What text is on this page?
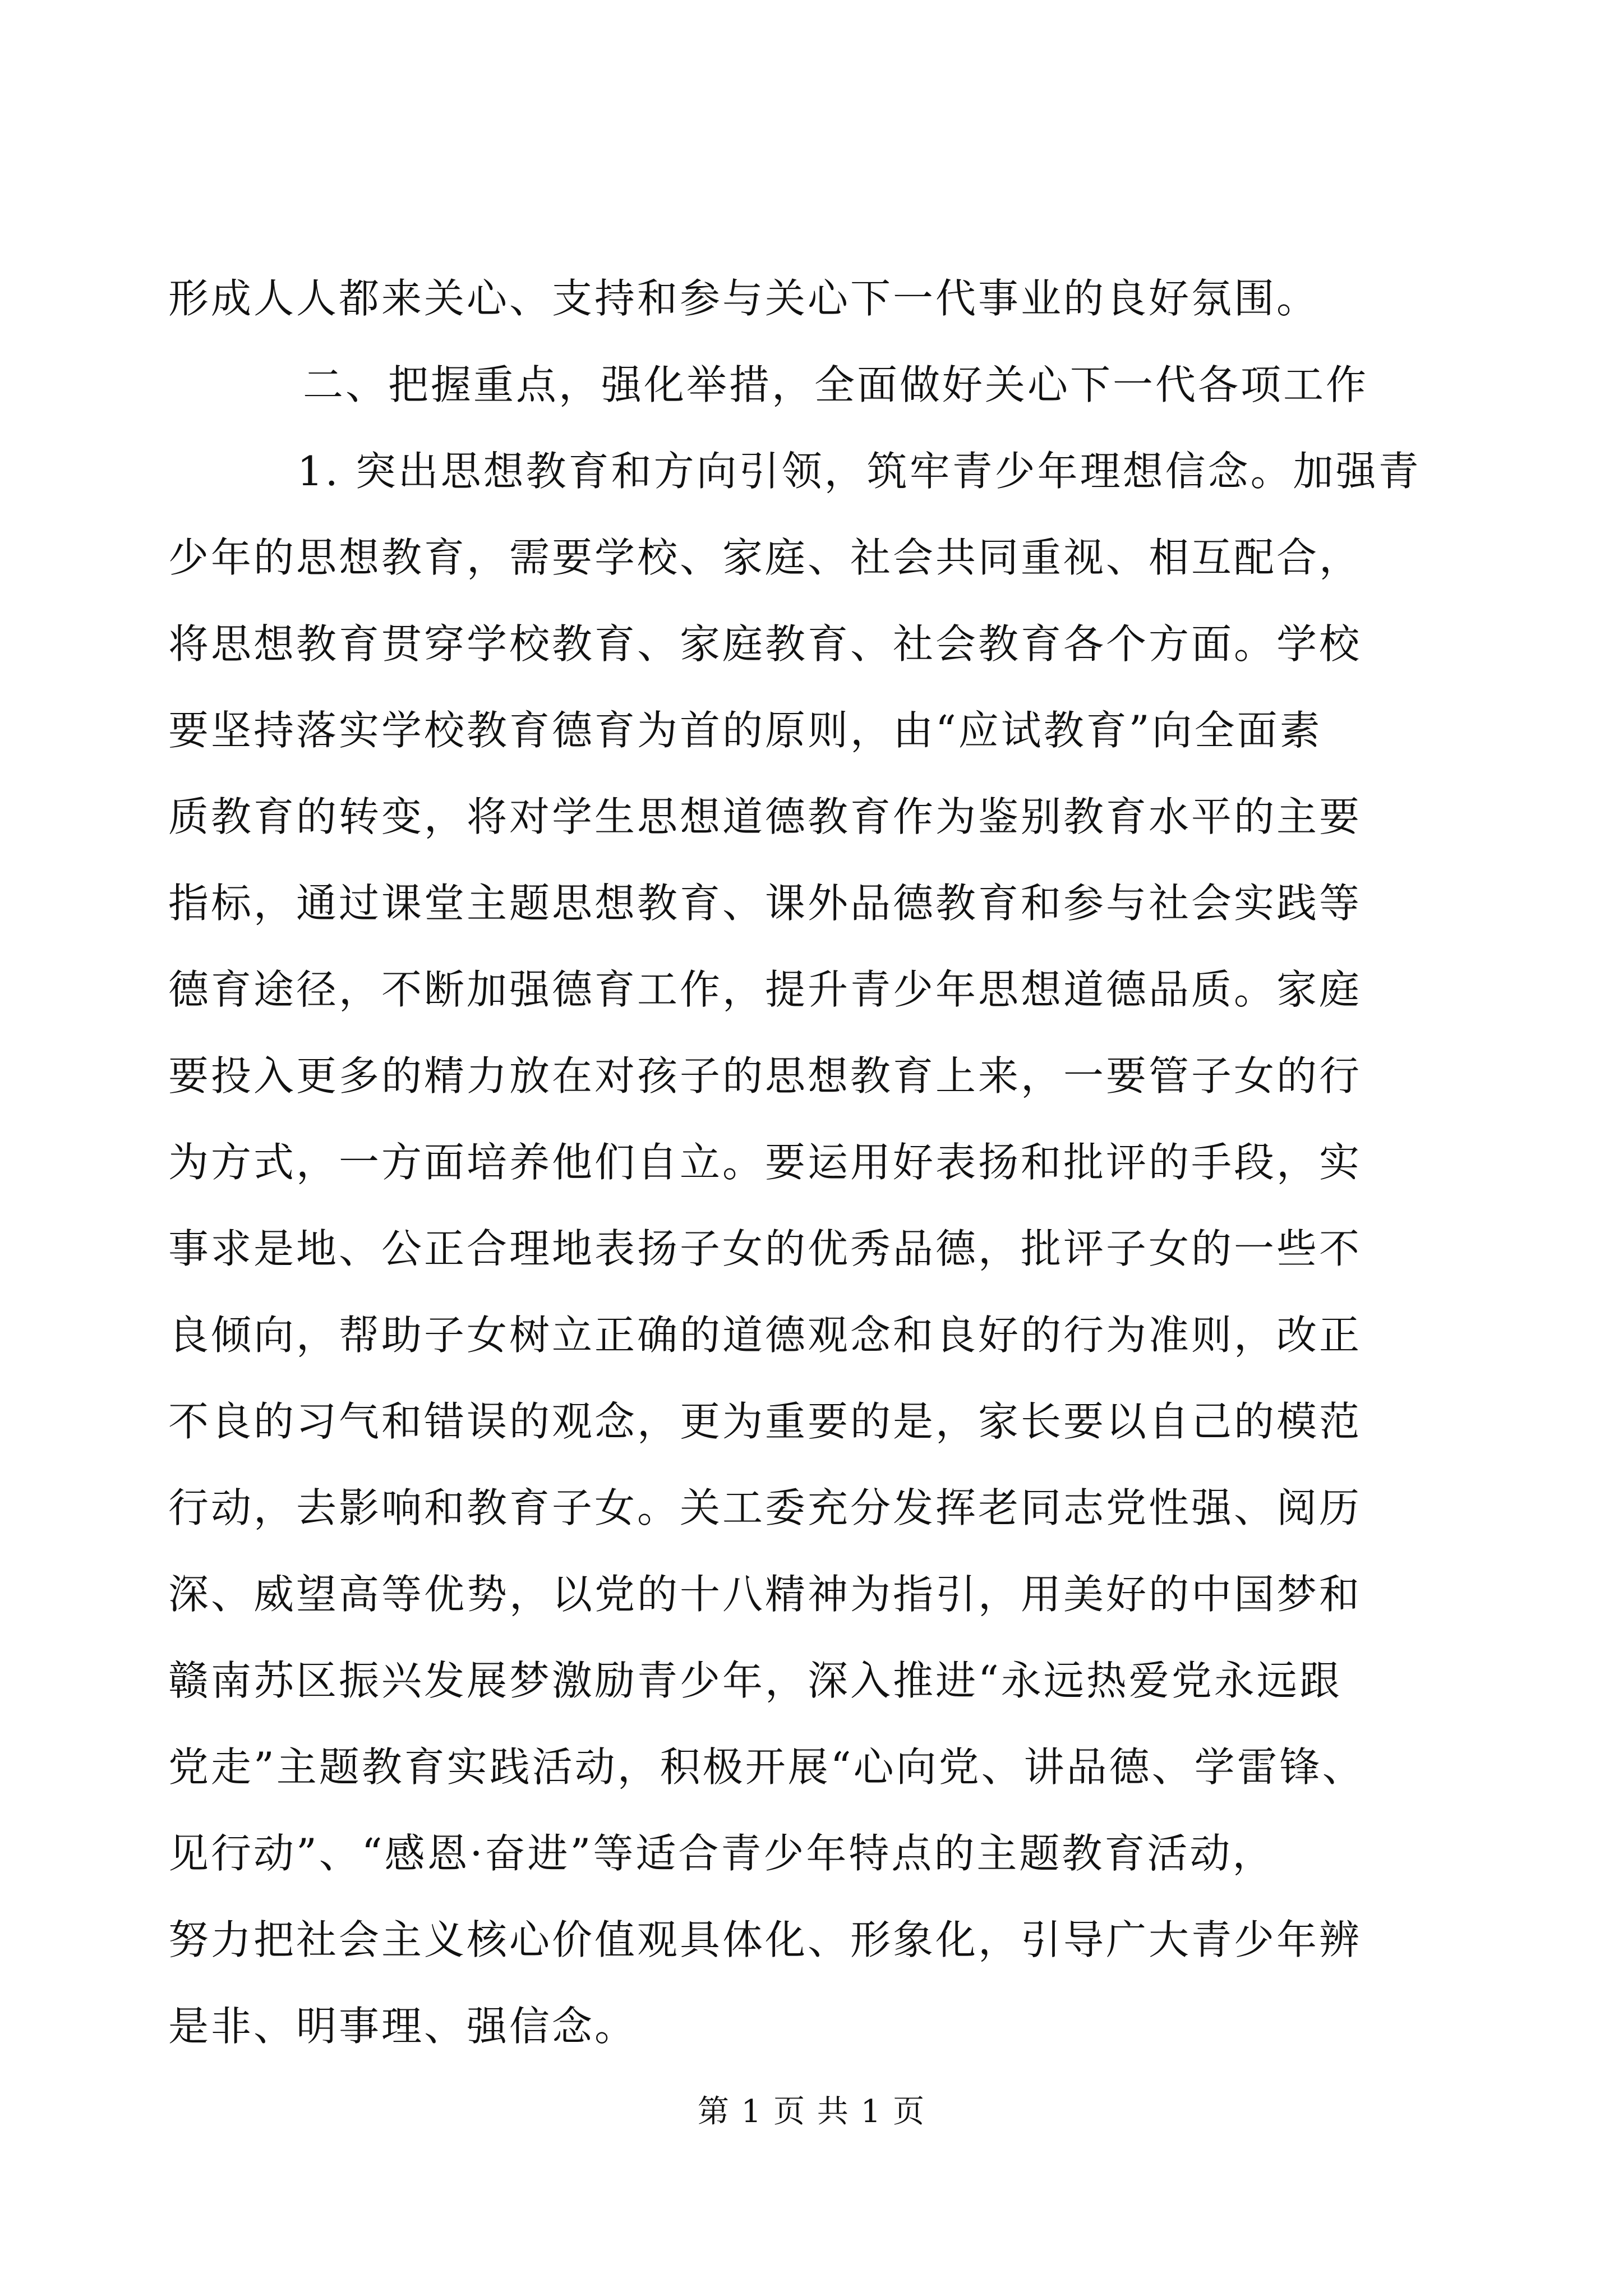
形成人人都来关心、支持和参与关心下一代事业的良好氛围。
二、把握重点，强化举措，全面做好关心下一代各项工作
1. 突出思想教育和方向引领，筑牢青少年理想信念。加强青
少年的思想教育，需要学校、家庭、社会共同重视、相互配合，
将思想教育贯穿学校教育、家庭教育、社会教育各个方面。学校
要坚持落实学校教育德育为首的原则，由“应试教育”向全面素
质教育的转变，将对学生思想道德教育作为鉴别教育水平的主要
指标，通过课堂主题思想教育、课外品德教育和参与社会实践等
德育途径，不断加强德育工作，提升青少年思想道德品质。家庭
要投入更多的精力放在对孩子的思想教育上来，一要管子女的行
为方式，一方面培养他们自立。要运用好表扬和批评的手段，实
事求是地、公正合理地表扬子女的优秀品德，批评子女的一些不
良倾向，帮助子女树立正确的道德观念和良好的行为准则，改正
不良的习气和错误的观念，更为重要的是，家长要以自己的模范
行动，去影响和教育子女。关工委充分发挥老同志党性强、阅历
深、威望高等优势，以党的十八精神为指引，用美好的中国梦和
赣南苏区振兴发展梦激励青少年，深入推进“永远热爱党永远跟
党走”主题教育实践活动，积极开展“心向党、讲品德、学雷锋、
见行动”、“感恩·奋进”等适合青少年特点的主题教育活动，
努力把社会主义核心价值观具体化、形象化，引导广大青少年辨
是非、明事理、强信念。
第 1 页 共 1 页
